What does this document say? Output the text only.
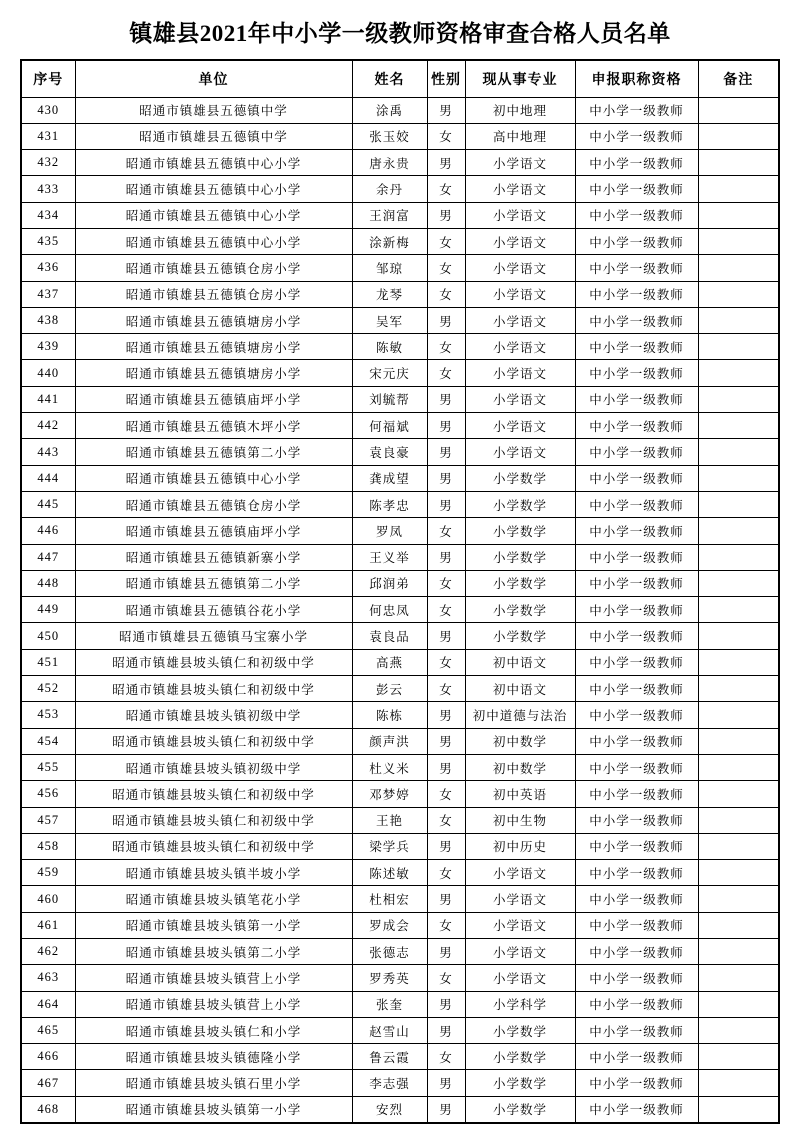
镇雄县2021年中小学一级教师资格审查合格人员名单
序号	单位	姓名	性别	现从事专业	申报职称资格	备注
430	昭通市镇雄县五德镇中学	涂禹	男	初中地理	中小学一级教师	
431	昭通市镇雄县五德镇中学	张玉姣	女	高中地理	中小学一级教师	
432	昭通市镇雄县五德镇中心小学	唐永贵	男	小学语文	中小学一级教师	
433	昭通市镇雄县五德镇中心小学	余丹	女	小学语文	中小学一级教师	
434	昭通市镇雄县五德镇中心小学	王润富	男	小学语文	中小学一级教师	
435	昭通市镇雄县五德镇中心小学	涂新梅	女	小学语文	中小学一级教师	
436	昭通市镇雄县五德镇仓房小学	邹琼	女	小学语文	中小学一级教师	
437	昭通市镇雄县五德镇仓房小学	龙琴	女	小学语文	中小学一级教师	
438	昭通市镇雄县五德镇塘房小学	吴军	男	小学语文	中小学一级教师	
439	昭通市镇雄县五德镇塘房小学	陈敏	女	小学语文	中小学一级教师	
440	昭通市镇雄县五德镇塘房小学	宋元庆	女	小学语文	中小学一级教师	
441	昭通市镇雄县五德镇庙坪小学	刘毓帮	男	小学语文	中小学一级教师	
442	昭通市镇雄县五德镇木坪小学	何福斌	男	小学语文	中小学一级教师	
443	昭通市镇雄县五德镇第二小学	袁良豪	男	小学语文	中小学一级教师	
444	昭通市镇雄县五德镇中心小学	龚成望	男	小学数学	中小学一级教师	
445	昭通市镇雄县五德镇仓房小学	陈孝忠	男	小学数学	中小学一级教师	
446	昭通市镇雄县五德镇庙坪小学	罗凤	女	小学数学	中小学一级教师	
447	昭通市镇雄县五德镇新寨小学	王义举	男	小学数学	中小学一级教师	
448	昭通市镇雄县五德镇第二小学	邱润弟	女	小学数学	中小学一级教师	
449	昭通市镇雄县五德镇谷花小学	何忠凤	女	小学数学	中小学一级教师	
450	昭通市镇雄县五德镇马宝寨小学	袁良品	男	小学数学	中小学一级教师	
451	昭通市镇雄县坡头镇仁和初级中学	高燕	女	初中语文	中小学一级教师	
452	昭通市镇雄县坡头镇仁和初级中学	彭云	女	初中语文	中小学一级教师	
453	昭通市镇雄县坡头镇初级中学	陈栋	男	初中道德与法治	中小学一级教师	
454	昭通市镇雄县坡头镇仁和初级中学	颜声洪	男	初中数学	中小学一级教师	
455	昭通市镇雄县坡头镇初级中学	杜义米	男	初中数学	中小学一级教师	
456	昭通市镇雄县坡头镇仁和初级中学	邓梦婷	女	初中英语	中小学一级教师	
457	昭通市镇雄县坡头镇仁和初级中学	王艳	女	初中生物	中小学一级教师	
458	昭通市镇雄县坡头镇仁和初级中学	梁学兵	男	初中历史	中小学一级教师	
459	昭通市镇雄县坡头镇半坡小学	陈述敏	女	小学语文	中小学一级教师	
460	昭通市镇雄县坡头镇笔花小学	杜相宏	男	小学语文	中小学一级教师	
461	昭通市镇雄县坡头镇第一小学	罗成会	女	小学语文	中小学一级教师	
462	昭通市镇雄县坡头镇第二小学	张德志	男	小学语文	中小学一级教师	
463	昭通市镇雄县坡头镇营上小学	罗秀英	女	小学语文	中小学一级教师	
464	昭通市镇雄县坡头镇营上小学	张奎	男	小学科学	中小学一级教师	
465	昭通市镇雄县坡头镇仁和小学	赵雪山	男	小学数学	中小学一级教师	
466	昭通市镇雄县坡头镇德隆小学	鲁云霞	女	小学数学	中小学一级教师	
467	昭通市镇雄县坡头镇石里小学	李志强	男	小学数学	中小学一级教师	
468	昭通市镇雄县坡头镇第一小学	安烈	男	小学数学	中小学一级教师	
